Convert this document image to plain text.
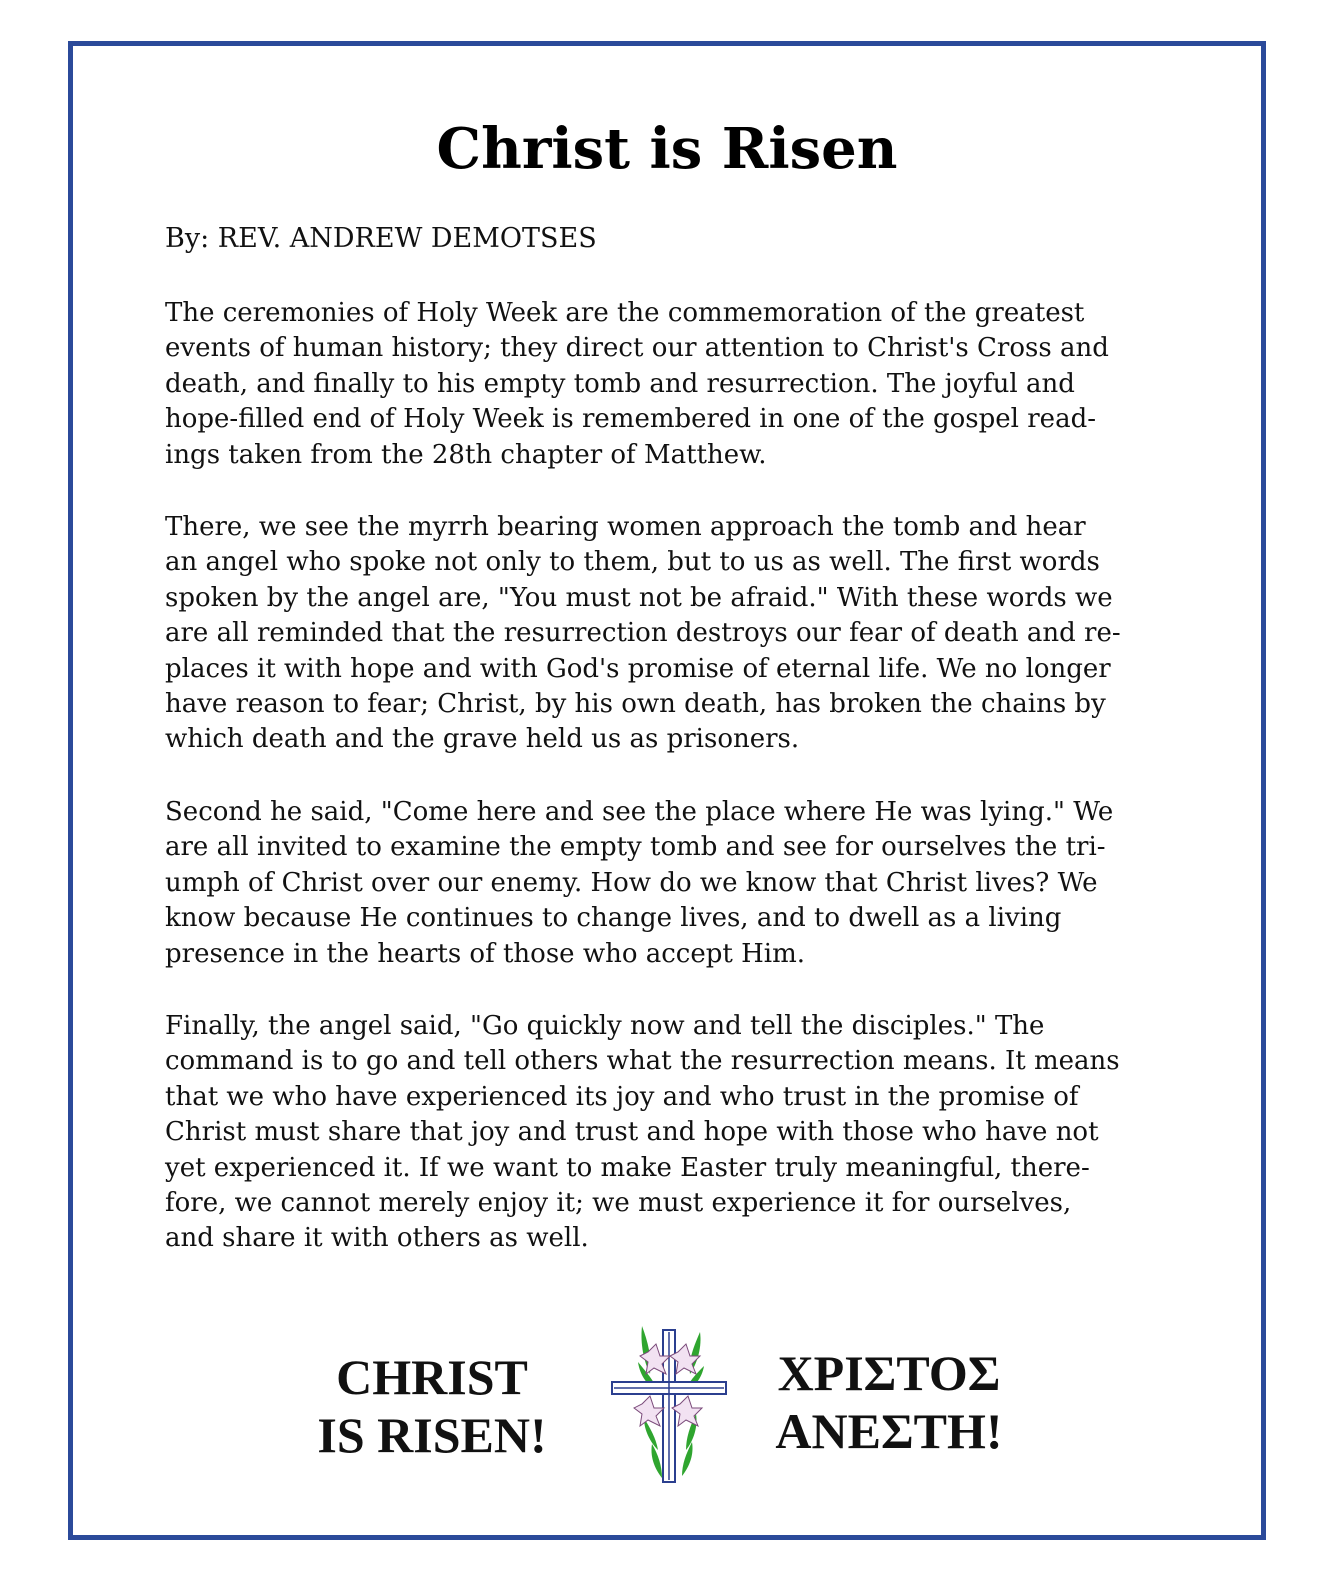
Christ is Risen
By: REV. ANDREW DEMOTSES
The ceremonies of Holy Week are the commemoration of the greatest
events of human history; they direct our attention to Christ's Cross and
death, and finally to his empty tomb and resurrection. The joyful and
hope-filled end of Holy Week is remembered in one of the gospel read-
ings taken from the 28th chapter of Matthew.
There, we see the myrrh bearing women approach the tomb and hear
an angel who spoke not only to them, but to us as well. The first words
spoken by the angel are, "You must not be afraid." With these words we
are all reminded that the resurrection destroys our fear of death and re-
places it with hope and with God's promise of eternal life. We no longer
have reason to fear; Christ, by his own death, has broken the chains by
which death and the grave held us as prisoners.
Second he said, "Come here and see the place where He was lying." We
are all invited to examine the empty tomb and see for ourselves the tri-
umph of Christ over our enemy. How do we know that Christ lives? We
know because He continues to change lives, and to dwell as a living
presence in the hearts of those who accept Him.
Finally, the angel said, "Go quickly now and tell the disciples." The
command is to go and tell others what the resurrection means. It means
that we who have experienced its joy and who trust in the promise of
Christ must share that joy and trust and hope with those who have not
yet experienced it. If we want to make Easter truly meaningful, there-
fore, we cannot merely enjoy it; we must experience it for ourselves,
and share it with others as well.
CHRIST
IS RISEN!
ΧΡΙΣΤΟΣ
ΑΝΕΣΤΗ!
